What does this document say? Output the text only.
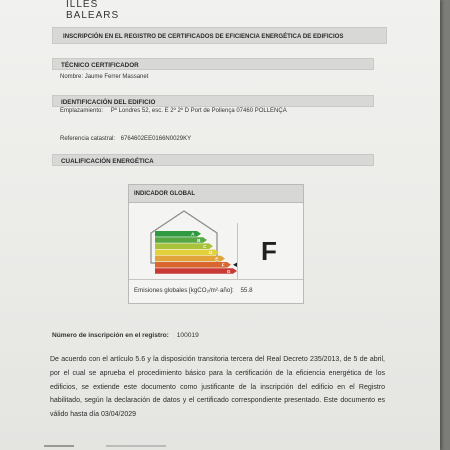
ILLES
BALEARS
INSCRIPCIÓN EN EL REGISTRO DE CERTIFICADOS DE EFICIENCIA ENERGÉTICA DE EDIFICIOS
TÉCNICO CERTIFICADOR
Nombre: Jaume Ferrer Massanet
IDENTIFICACIÓN DEL EDIFICIO
Emplazamiento: Pº Londres 52, esc. E 2º 2º D Port de Pollença 07460 POLLENÇA
Referencia catastral: 6764602EE0166N0029KY
CUALIFICACIÓN ENERGÉTICA
INDICADOR GLOBAL
A
B
C
D
E
F
G
F
Emisiones globales [kgCO₂/m²·año]: 55.8
Número de inscripción en el registro: 100019
De acuerdo con el artículo 5.6 y la disposición transitoria tercera del Real Decreto 235/2013, de 5 de abril, por el cual se aprueba el procedimiento básico para la certificación de la eficiencia energética de los edificios, se extiende este documento como justificante de la inscripción del edificio en el Registro habilitado, según la declaración de datos y el certificado correspondiente presentado. Este documento es válido hasta día 03/04/2029
